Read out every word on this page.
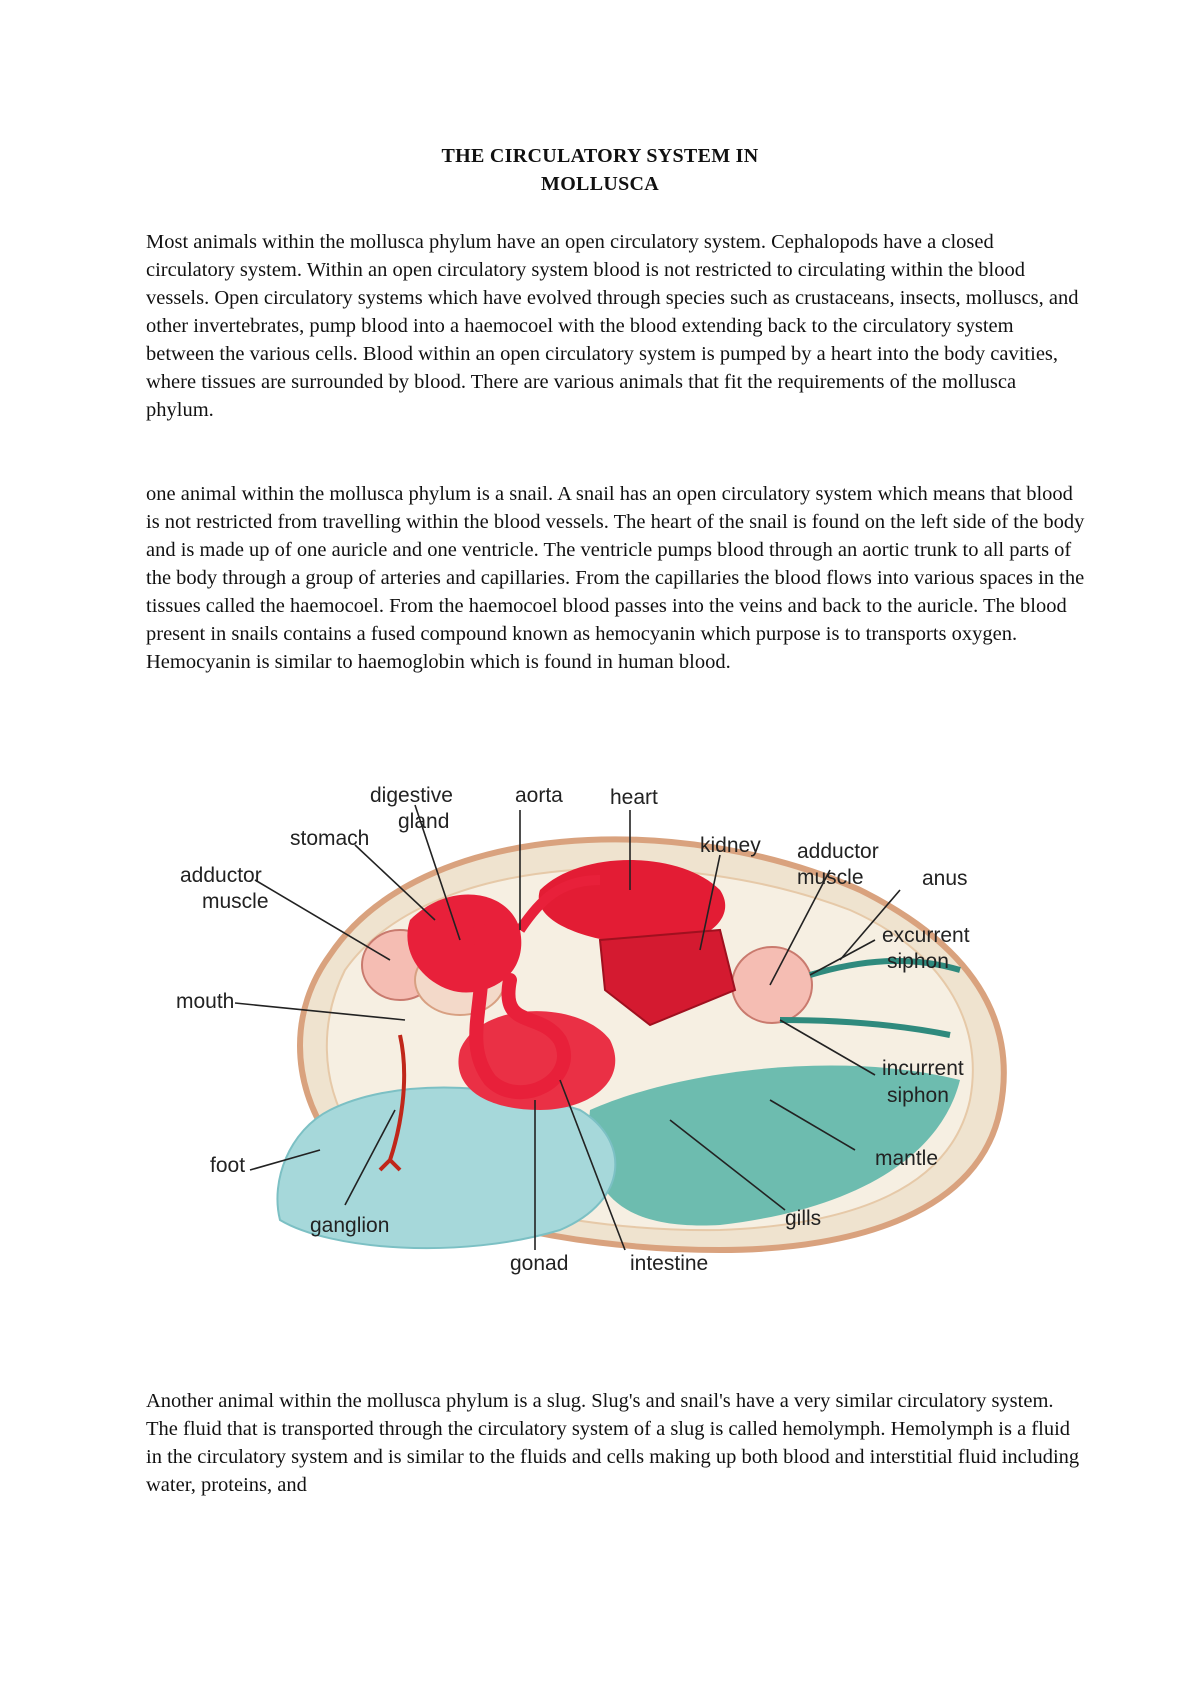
THE CIRCULATORY SYSTEM IN
MOLLUSCA

Most animals within the mollusca phylum have an open circulatory system. Cephalopods have a closed circulatory system. Within an open circulatory system blood is not restricted to circulating within the blood vessels. Open circulatory systems which have evolved through species such as crustaceans, insects, molluscs, and other invertebrates, pump blood into a haemocoel with the blood extending back to the circulatory system between the various cells. Blood within an open circulatory system is pumped by a heart into the body cavities, where tissues are surrounded by blood. There are various animals that fit the requirements of the mollusca phylum.

one animal within the mollusca phylum is a snail. A snail has an open circulatory system which means that blood is not restricted from travelling within the blood vessels. The heart of the snail is found on the left side of the body and is made up of one auricle and one ventricle. The ventricle pumps blood through an aortic trunk to all parts of the body through a group of arteries and capillaries. From the capillaries the blood flows into various spaces in the tissues called the haemocoel. From the haemocoel blood passes into the veins and back to the auricle. The blood present in snails contains a fused compound known as hemocyanin which purpose is to transports oxygen. Hemocyanin is similar to haemoglobin which is found in human blood.

digestive
gland
aorta heart
kidney adductor
muscle
stomach
adductor
muscle
anus
excurrent
siphon
mouth
incurrent
siphon
mantle
foot
ganglion	gills
gonad	intestine

Another animal within the mollusca phylum is a slug. Slug's and snail's have a very similar circulatory system. The fluid that is transported through the circulatory system of a slug is called hemolymph. Hemolymph is a fluid in the circulatory system and is similar to the fluids and cells making up both blood and interstitial fluid including water, proteins, and
